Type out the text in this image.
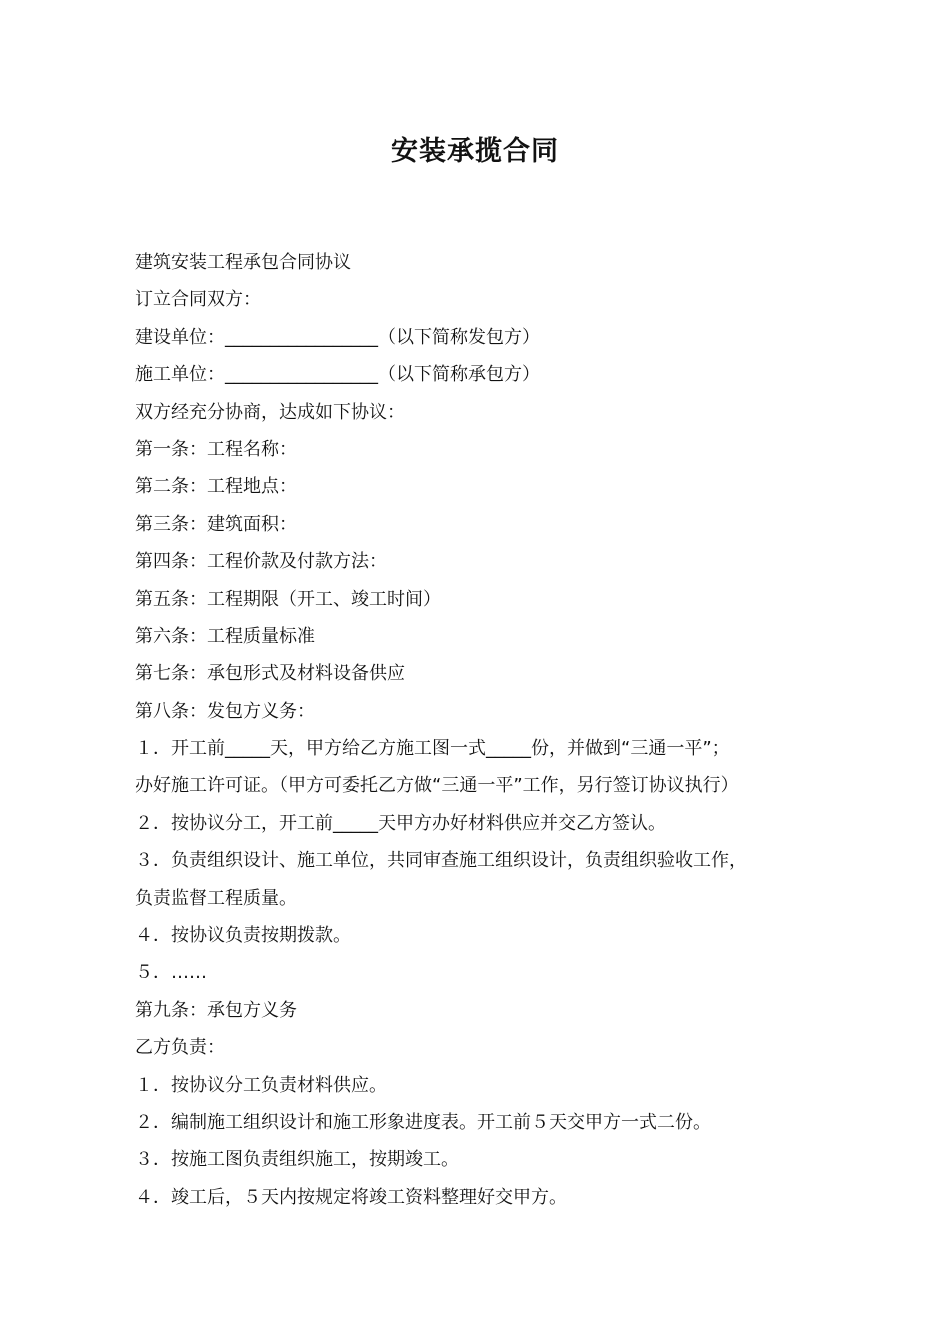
安装承揽合同
建筑安装工程承包合同协议
订立合同双方：
建设单位：_________________（以下简称发包方）
施工单位：_________________（以下简称承包方）
双方经充分协商，达成如下协议：
第一条：工程名称：
第二条：工程地点：
第三条：建筑面积：
第四条：工程价款及付款方法：
第五条：工程期限（开工、竣工时间）
第六条：工程质量标准
第七条：承包形式及材料设备供应
第八条：发包方义务：
１．开工前_____天，甲方给乙方施工图一式_____份，并做到“三通一平”；
办好施工许可证。（甲方可委托乙方做“三通一平”工作，另行签订协议执行）
２．按协议分工，开工前_____天甲方办好材料供应并交乙方签认。
３．负责组织设计、施工单位，共同审查施工组织设计，负责组织验收工作，
负责监督工程质量。
４．按协议负责按期拨款。
５．……
第九条：承包方义务
乙方负责：
１．按协议分工负责材料供应。
２．编制施工组织设计和施工形象进度表。开工前５天交甲方一式二份。
３．按施工图负责组织施工，按期竣工。
４．竣工后，５天内按规定将竣工资料整理好交甲方。
